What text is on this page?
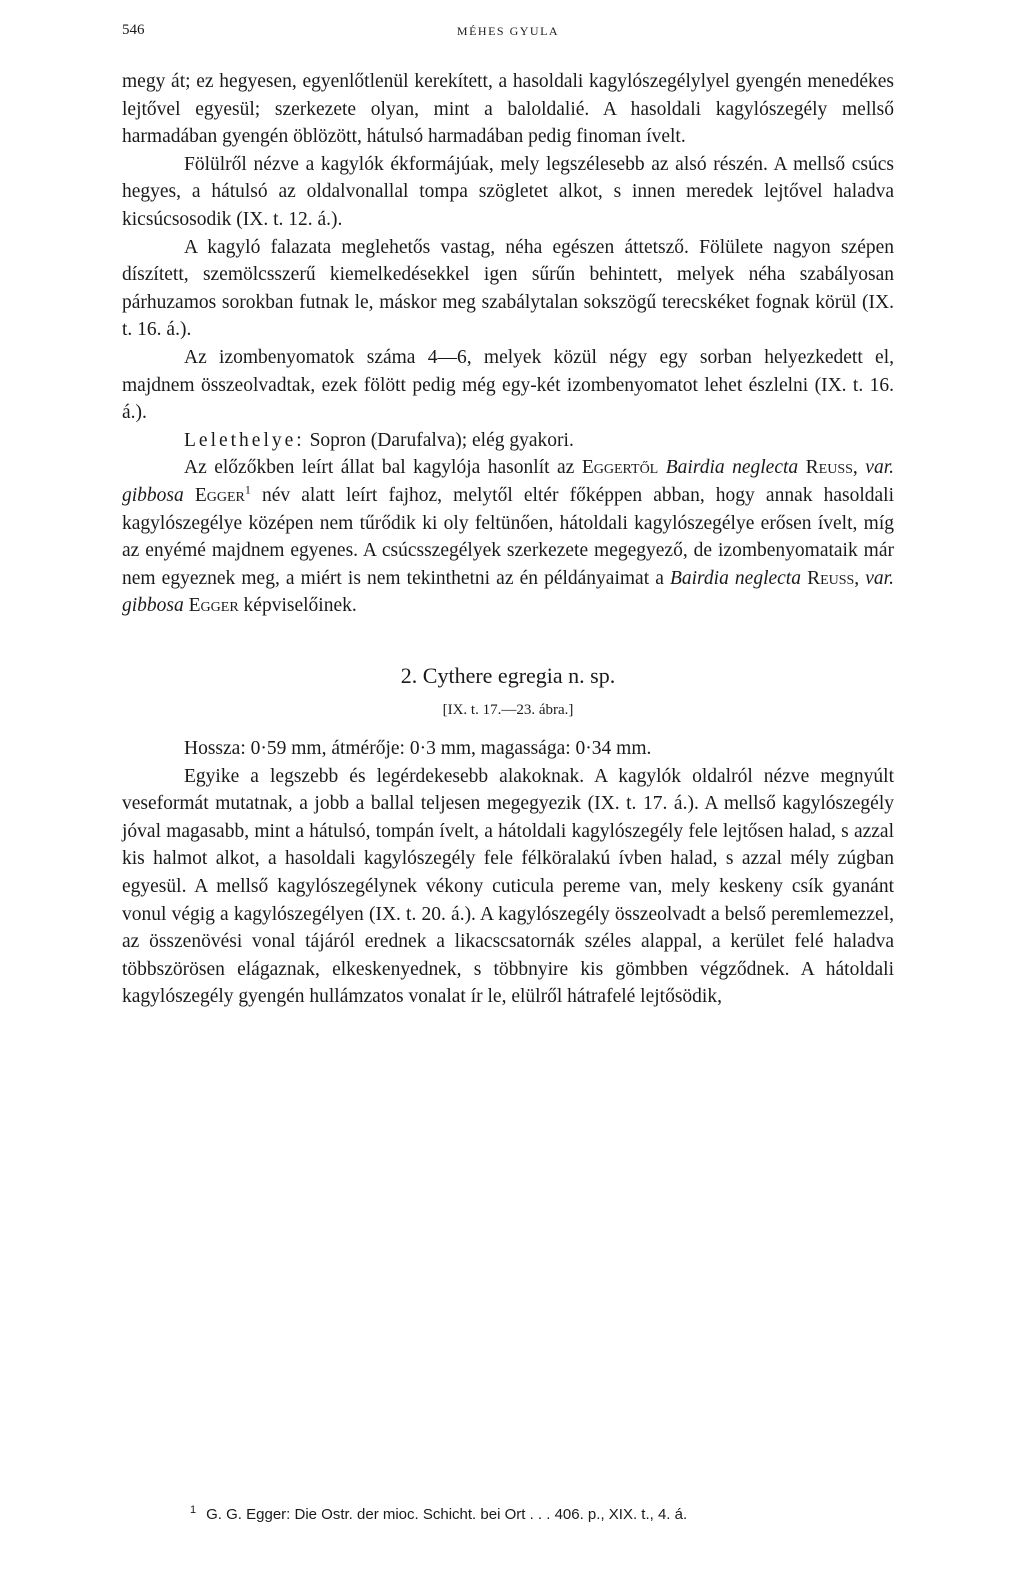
546	MÉHES GYULA

megy át; ez hegyesen, egyenlőtlenül kerekített, a hasoldali kagylószegélylyel gyengén menedékes lejtővel egyesül; szerkezete olyan, mint a baloldalié. A hasoldali kagylószegély mellső harmadában gyengén öblözött, hátulsó harmadában pedig finoman ívelt.

Fölülről nézve a kagylók ékformájúak, mely legszélesebb az alsó részén. A mellső csúcs hegyes, a hátulsó az oldalvonallal tompa szögletet alkot, s innen meredek lejtővel haladva kicsúcsosodik (IX. t. 12. á.).

A kagyló falazata meglehetős vastag, néha egészen áttetsző. Fölülete nagyon szépen díszített, szemölcsszerű kiemelkedésekkel igen sűrűn behintett, melyek néha szabályosan párhuzamos sorokban futnak le, máskor meg szabálytalan sokszögű terecskéket fognak körül (IX. t. 16. á.).

Az izombenyomatok száma 4—6, melyek közül négy egy sorban helyezkedett el, majdnem összeolvadtak, ezek fölött pedig még egy-két izombenyomatot lehet észlelni (IX. t. 16. á.).

Lelethelye: Sopron (Darufalva); elég gyakori.

Az előzőkben leírt állat bal kagylója hasonlít az Eggertől Bairdia neglecta Reuss, var. gibbosa Egger$^1$ név alatt leírt fajhoz, melytől eltér főképpen abban, hogy annak hasoldali kagylószegélye középen nem tűrődik ki oly feltünően, hátoldali kagylószegélye erősen ívelt, míg az enyémé majdnem egyenes. A csúcsszegélyek szerkezete megegyező, de izombenyomataik már nem egyeznek meg, a miért is nem tekinthetni az én példányaimat a Bairdia neglecta Reuss, var. gibbosa Egger képviselőinek.

2. Cythere egregia n. sp.
[IX. t. 17.—23. ábra.]

Hossza: 0·59 mm, átmérője: 0·3 mm, magassága: 0·34 mm.

Egyike a legszebb és legérdekesebb alakoknak. A kagylók oldalról nézve megnyúlt veseformát mutatnak, a jobb a ballal teljesen megegyezik (IX. t. 17. á.). A mellső kagylószegély jóval magasabb, mint a hátulsó, tompán ívelt, a hátoldali kagylószegély fele lejtősen halad, s azzal kis halmot alkot, a hasoldali kagylószegély fele félköralakú ívben halad, s azzal mély zúgban egyesül. A mellső kagylószegélynek vékony cuticula pereme van, mely keskeny csík gyanánt vonul végig a kagylószegélyen (IX. t. 20. á.). A kagylószegély összeolvadt a belső peremlemezzel, az összenövési vonal tájáról erednek a likacscsatornák széles alappal, a kerület felé haladva többszörösen elágaznak, elkeskenyednek, s többnyire kis gömbben végződnek. A hátoldali kagylószegély gyengén hullámzatos vonalat ír le, elülről hátrafelé lejtősödik,

$^1$ G. G. Egger: Die Ostr. der mioc. Schicht. bei Ort . . . 406. p., XIX. t., 4. á.
